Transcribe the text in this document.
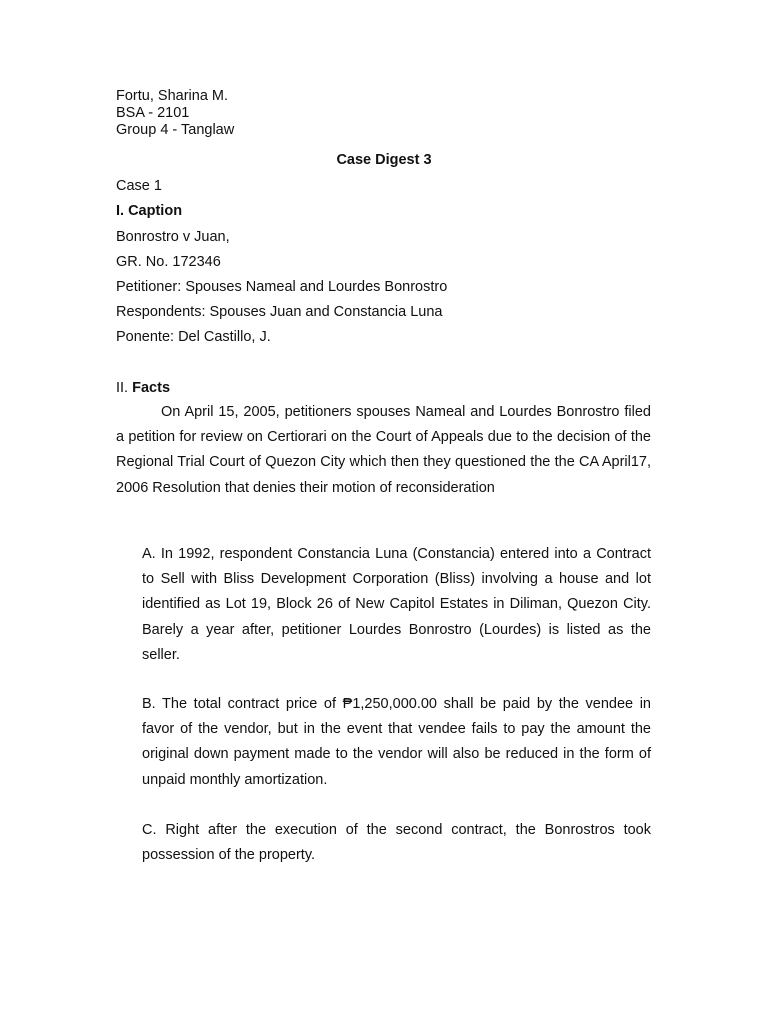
Fortu, Sharina M.
BSA - 2101
Group 4 - Tanglaw
Case Digest 3
Case 1
I. Caption
Bonrostro v Juan,
GR. No. 172346
Petitioner: Spouses Nameal and Lourdes Bonrostro
Respondents: Spouses Juan and Constancia Luna
Ponente: Del Castillo, J.
II. Facts
On April 15, 2005, petitioners spouses Nameal and Lourdes Bonrostro filed a petition for review on Certiorari on the Court of Appeals due to the decision of the Regional Trial Court of Quezon City which then they questioned the the CA April17, 2006 Resolution that denies their motion of reconsideration
A. In 1992, respondent Constancia Luna (Constancia) entered into a Contract to Sell with Bliss Development Corporation (Bliss) involving a house and lot identified as Lot 19, Block 26 of New Capitol Estates in Diliman, Quezon City. Barely a year after, petitioner Lourdes Bonrostro (Lourdes) is listed as the seller.
B. The total contract price of ₱1,250,000.00 shall be paid by the vendee in favor of the vendor, but in the event that vendee fails to pay the amount the original down payment made to the vendor will also be reduced in the form of unpaid monthly amortization.
C. Right after the execution of the second contract, the Bonrostros took possession of the property.
